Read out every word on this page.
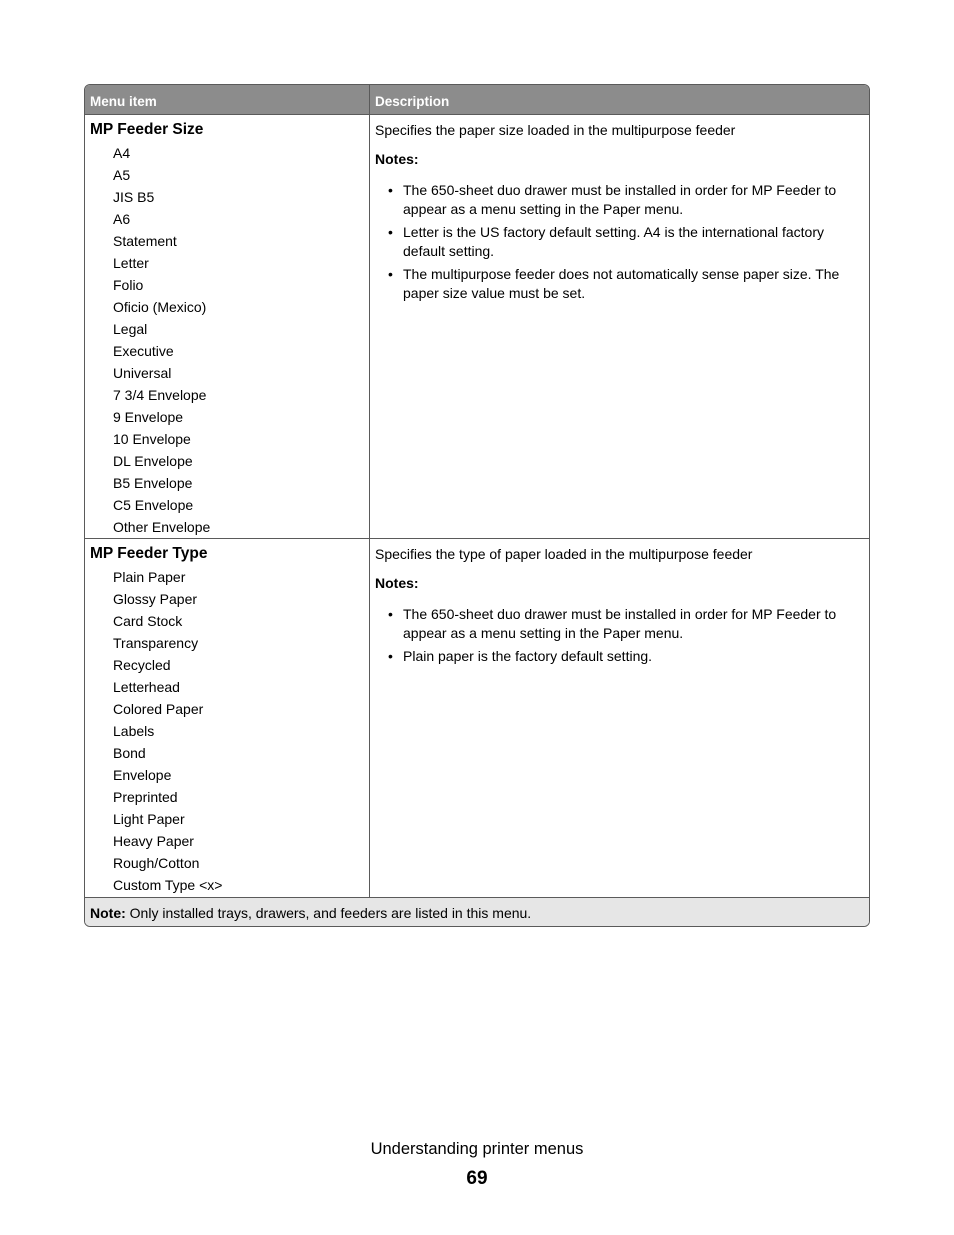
Menu item	Description
MP Feeder Size
A4
A5
JIS B5
A6
Statement
Letter
Folio
Oficio (Mexico)
Legal
Executive
Universal
7 3/4 Envelope
9 Envelope
10 Envelope
DL Envelope
B5 Envelope
C5 Envelope
Other Envelope

Specifies the paper size loaded in the multipurpose feeder

Notes:

• The 650-sheet duo drawer must be installed in order for MP Feeder to appear as a menu setting in the Paper menu.
• Letter is the US factory default setting. A4 is the international factory default setting.
• The multipurpose feeder does not automatically sense paper size. The paper size value must be set.
MP Feeder Type
Plain Paper
Glossy Paper
Card Stock
Transparency
Recycled
Letterhead
Colored Paper
Labels
Bond
Envelope
Preprinted
Light Paper
Heavy Paper
Rough/Cotton
Custom Type <x>

Specifies the type of paper loaded in the multipurpose feeder

Notes:

• The 650-sheet duo drawer must be installed in order for MP Feeder to appear as a menu setting in the Paper menu.
• Plain paper is the factory default setting.
Note: Only installed trays, drawers, and feeders are listed in this menu.
Understanding printer menus
69
